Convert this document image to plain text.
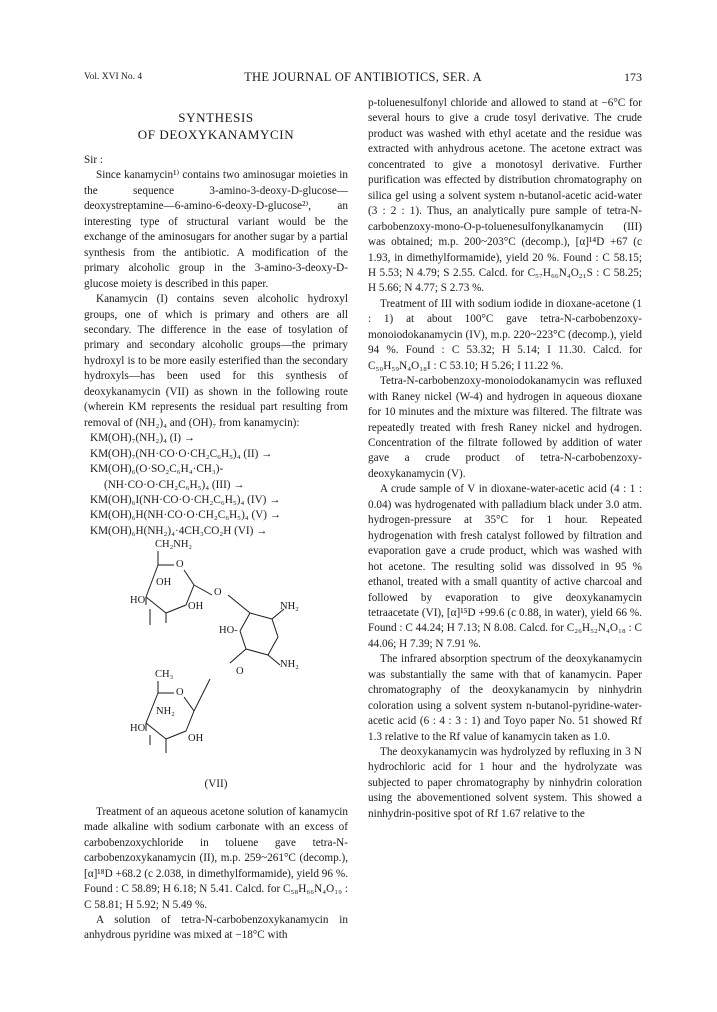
Vol. XVI No. 4	THE JOURNAL OF ANTIBIOTICS, SER. A	173
SYNTHESIS
OF DEOXYKANAMYCIN

Sir :

Since kanamycin¹⁾ contains two aminosugar moieties in the sequence 3-amino-3-deoxy-D-glucose—deoxystreptamine—6-amino-6-deoxy-D-glucose²⁾, an interesting type of structural variant would be the exchange of the aminosugars for another sugar by a partial synthesis from the antibiotic. A modification of the primary alcoholic group in the 3-amino-3-deoxy-D-glucose moiety is described in this paper.

Kanamycin (I) contains seven alcoholic hydroxyl groups, one of which is primary and others are all secondary. The difference in the ease of tosylation of primary and secondary alcoholic groups—the primary hydroxyl is to be more easily esterified than the secondary hydroxyls—has been used for this synthesis of deoxykanamycin (VII) as shown in the following route (wherein KM represents the residual part resulting from removal of (NH₂)₄ and (OH)₇ from kanamycin):

KM(OH)₇(NH₂)₄ (I) →
KM(OH)₇(NH·CO·O·CH₂C₆H₅)₄ (II) →
KM(OH)₆(O·SO₂C₆H₄·CH₃)-
(NH·CO·O·CH₂C₆H₅)₄ (III) →
KM(OH)₆I(NH·CO·O·CH₂C₆H₅)₄ (IV) →
KM(OH)₆H(NH·CO·O·CH₂C₆H₅)₄ (V) →
KM(OH)₆H(NH₂)₄·4CH₃CO₂H (VI) →
CH₂NH₂
O
OH
HO
OH
O
NH₂
HO-
NH₂
O
CH₃
O
NH₂
HO
OH
(VII)

Treatment of an aqueous acetone solution of kanamycin made alkaline with sodium carbonate with an excess of carbobenzoxychloride in toluene gave tetra-N-carbobenzoxykanamycin (II), m.p. 259~261°C (decomp.), [α]¹⁸D +68.2 (c 2.038, in dimethylformamide), yield 96 %. Found : C 58.89; H 6.18; N 5.41. Calcd. for C₅₈H₆₆N₄O₁₉ : C 58.81; H 5.92; N 5.49 %.

A solution of tetra-N-carbobenzoxykanamycin in anhydrous pyridine was mixed at −18°C with

p-toluenesulfonyl chloride and allowed to stand at −6°C for several hours to give a crude tosyl derivative. The crude product was washed with ethyl acetate and the residue was extracted with anhydrous acetone. The acetone extract was concentrated to give a monotosyl derivative. Further purification was effected by distribution chromatography on silica gel using a solvent system n-butanol-acetic acid-water (3 : 2 : 1). Thus, an analytically pure sample of tetra-N-carbobenzoxy-mono-O-p-toluenesulfonylkanamycin (III) was obtained; m.p. 200~203°C (decomp.), [α]¹⁴D +67 (c 1.93, in dimethylformamide), yield 20 %. Found : C 58.15; H 5.53; N 4.79; S 2.55. Calcd. for C₅₇H₆₆N₄O₂₁S : C 58.25; H 5.66; N 4.77; S 2.73 %.

Treatment of III with sodium iodide in dioxane-acetone (1 : 1) at about 100°C gave tetra-N-carbobenzoxy-monoiodokanamycin (IV), m.p. 220~223°C (decomp.), yield 94 %. Found : C 53.32; H 5.14; I 11.30. Calcd. for C₅₀H₅₉N₄O₁₈I : C 53.10; H 5.26; I 11.22 %.

Tetra-N-carbobenzoxy-monoiodokanamycin was refluxed with Raney nickel (W-4) and hydrogen in aqueous dioxane for 10 minutes and the mixture was filtered. The filtrate was repeatedly treated with fresh Raney nickel and hydrogen. Concentration of the filtrate followed by addition of water gave a crude product of tetra-N-carbobenzoxy-deoxykanamycin (V).

A crude sample of V in dioxane-water-acetic acid (4 : 1 : 0.04) was hydrogenated with palladium black under 3.0 atm. hydrogen-pressure at 35°C for 1 hour. Repeated hydrogenation with fresh catalyst followed by filtration and evaporation gave a crude product, which was washed with hot acetone. The resulting solid was dissolved in 95 % ethanol, treated with a small quantity of active charcoal and followed by evaporation to give deoxykanamycin tetraacetate (VI), [α]¹⁵D +99.6 (c 0.88, in water), yield 66 %. Found : C 44.24; H 7.13; N 8.08. Calcd. for C₂₆H₅₂N₄O₁₈ : C 44.06; H 7.39; N 7.91 %.

The infrared absorption spectrum of the deoxykanamycin was substantially the same with that of kanamycin. Paper chromatography of the deoxykanamycin by ninhydrin coloration using a solvent system n-butanol-pyridine-water-acetic acid (6 : 4 : 3 : 1) and Toyo paper No. 51 showed Rf 1.3 relative to the Rf value of kanamycin taken as 1.0.

The deoxykanamycin was hydrolyzed by refluxing in 3 N hydrochloric acid for 1 hour and the hydrolyzate was subjected to paper chromatography by ninhydrin coloration using the abovementioned solvent system. This showed a ninhydrin-positive spot of Rf 1.67 relative to the
